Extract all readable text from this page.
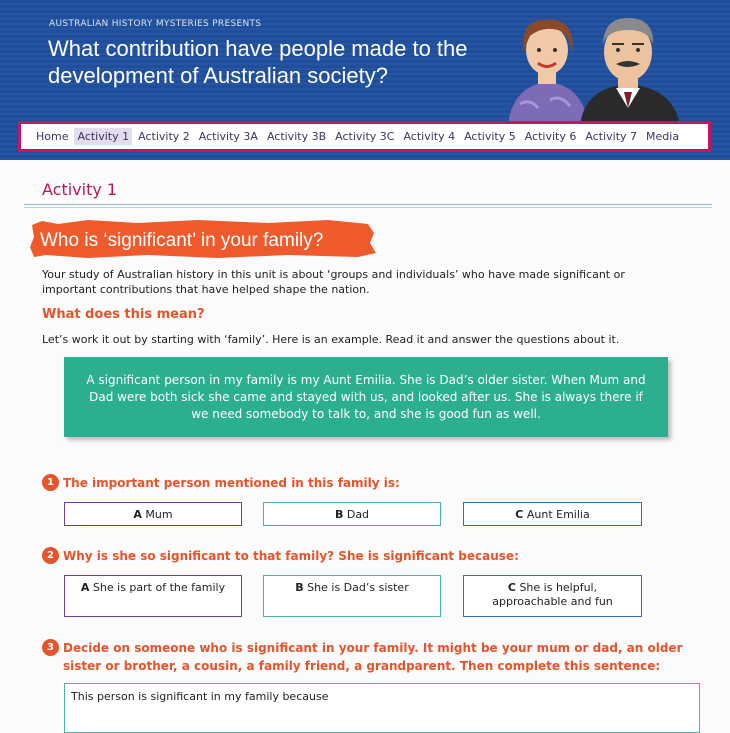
AUSTRALIAN HISTORY MYSTERIES PRESENTS
What contribution have people made to the development of Australian society?
Home Activity 1 Activity 2 Activity 3A Activity 3B Activity 3C Activity 4 Activity 5 Activity 6 Activity 7 Media
Activity 1
Who is ‘significant’ in your family?
Your study of Australian history in this unit is about ‘groups and individuals’ who have made significant or important contributions that have helped shape the nation.
What does this mean?
Let’s work it out by starting with ‘family’. Here is an example. Read it and answer the questions about it.
A significant person in my family is my Aunt Emilia. She is Dad’s older sister. When Mum and Dad were both sick she came and stayed with us, and looked after us. She is always there if we need somebody to talk to, and she is good fun as well.
1 The important person mentioned in this family is:
A Mum	B Dad	C Aunt Emilia
2 Why is she so significant to that family? She is significant because:
A She is part of the family	B She is Dad’s sister	C She is helpful, approachable and fun
3 Decide on someone who is significant in your family. It might be your mum or dad, an older sister or brother, a cousin, a family friend, a grandparent. Then complete this sentence:
This person is significant in my family because
